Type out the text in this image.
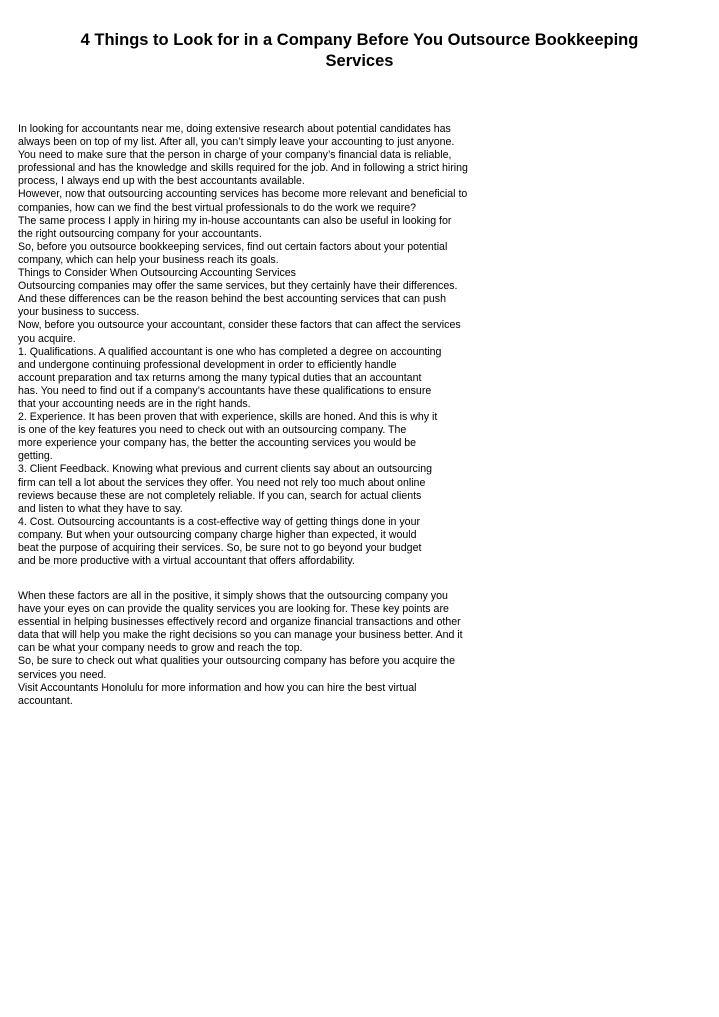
4 Things to Look for in a Company Before You Outsource Bookkeeping
Services
In looking for accountants near me, doing extensive research about potential candidates has
always been on top of my list. After all, you can’t simply leave your accounting to just anyone.
You need to make sure that the person in charge of your company’s financial data is reliable,
professional and has the knowledge and skills required for the job. And in following a strict hiring
process, I always end up with the best accountants available.
However, now that outsourcing accounting services has become more relevant and beneficial to
companies, how can we find the best virtual professionals to do the work we require?
The same process I apply in hiring my in-house accountants can also be useful in looking for
the right outsourcing company for your accountants.
So, before you outsource bookkeeping services, find out certain factors about your potential
company, which can help your business reach its goals.
Things to Consider When Outsourcing Accounting Services
Outsourcing companies may offer the same services, but they certainly have their differences.
And these differences can be the reason behind the best accounting services that can push
your business to success.
Now, before you outsource your accountant, consider these factors that can affect the services
you acquire.
1. Qualifications. A qualified accountant is one who has completed a degree on accounting
and undergone continuing professional development in order to efficiently handle
account preparation and tax returns among the many typical duties that an accountant
has. You need to find out if a company’s accountants have these qualifications to ensure
that your accounting needs are in the right hands.
2. Experience. It has been proven that with experience, skills are honed. And this is why it
is one of the key features you need to check out with an outsourcing company. The
more experience your company has, the better the accounting services you would be
getting.
3. Client Feedback. Knowing what previous and current clients say about an outsourcing
firm can tell a lot about the services they offer. You need not rely too much about online
reviews because these are not completely reliable. If you can, search for actual clients
and listen to what they have to say.
4. Cost. Outsourcing accountants is a cost-effective way of getting things done in your
company. But when your outsourcing company charge higher than expected, it would
beat the purpose of acquiring their services. So, be sure not to go beyond your budget
and be more productive with a virtual accountant that offers affordability.
When these factors are all in the positive, it simply shows that the outsourcing company you
have your eyes on can provide the quality services you are looking for. These key points are
essential in helping businesses effectively record and organize financial transactions and other
data that will help you make the right decisions so you can manage your business better. And it
can be what your company needs to grow and reach the top.
So, be sure to check out what qualities your outsourcing company has before you acquire the
services you need.
Visit Accountants Honolulu for more information and how you can hire the best virtual
accountant.
